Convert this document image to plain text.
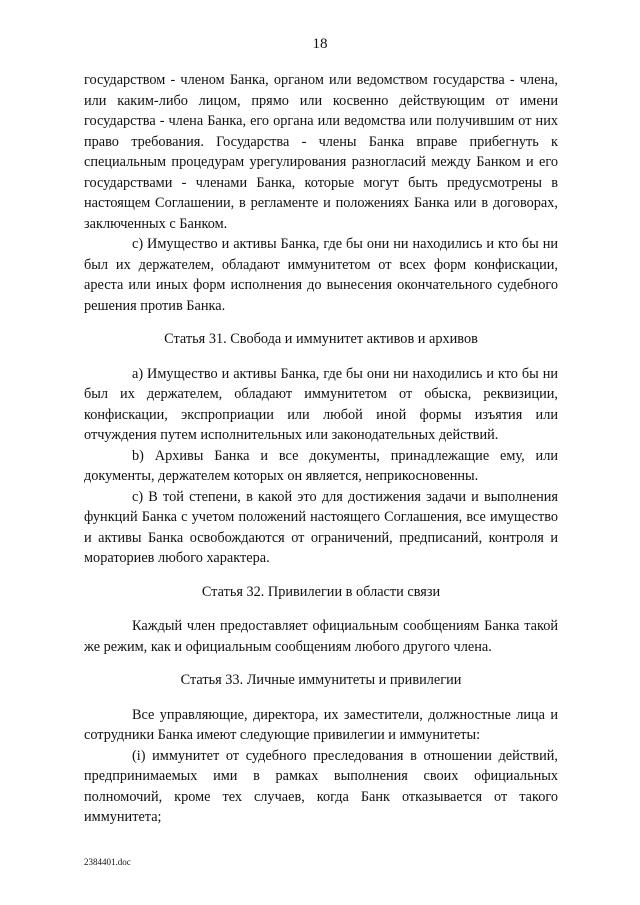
18

государством - членом Банка, органом или ведомством государства - члена, или каким-либо лицом, прямо или косвенно действующим от имени государства - члена Банка, его органа или ведомства или получившим от них право требования. Государства - члены Банка вправе прибегнуть к специальным процедурам урегулирования разногласий между Банком и его государствами - членами Банка, которые могут быть предусмотрены в настоящем Соглашении, в регламенте и положениях Банка или в договорах, заключенных с Банком.

c) Имущество и активы Банка, где бы они ни находились и кто бы ни был их держателем, обладают иммунитетом от всех форм конфискации, ареста или иных форм исполнения до вынесения окончательного судебного решения против Банка.

Статья 31. Свобода и иммунитет активов и архивов

a) Имущество и активы Банка, где бы они ни находились и кто бы ни был их держателем, обладают иммунитетом от обыска, реквизиции, конфискации, экспроприации или любой иной формы изъятия или отчуждения путем исполнительных или законодательных действий.

b) Архивы Банка и все документы, принадлежащие ему, или документы, держателем которых он является, неприкосновенны.

c) В той степени, в какой это для достижения задачи и выполнения функций Банка с учетом положений настоящего Соглашения, все имущество и активы Банка освобождаются от ограничений, предписаний, контроля и мораториев любого характера.

Статья 32. Привилегии в области связи

Каждый член предоставляет официальным сообщениям Банка такой же режим, как и официальным сообщениям любого другого члена.

Статья 33. Личные иммунитеты и привилегии

Все управляющие, директора, их заместители, должностные лица и сотрудники Банка имеют следующие привилегии и иммунитеты:

(i) иммунитет от судебного преследования в отношении действий, предпринимаемых ими в рамках выполнения своих официальных полномочий, кроме тех случаев, когда Банк отказывается от такого иммунитета;

2384401.doc
